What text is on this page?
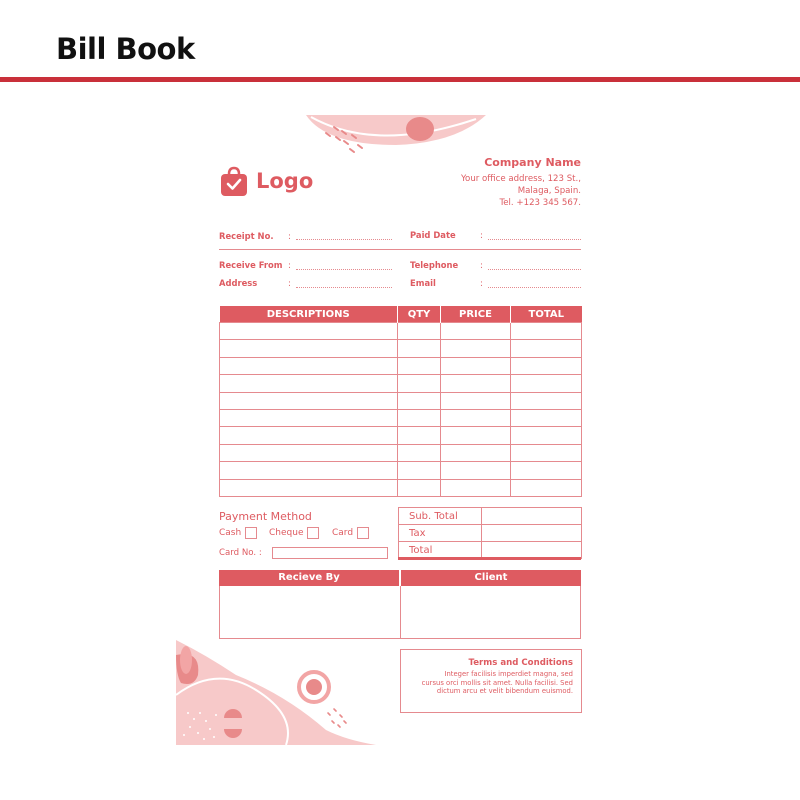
Bill Book
Logo
Company Name
Your office address, 123 St.,
Malaga, Spain.
Tel. +123 345 567.
Receipt No. :	Paid Date	:
Receive From :	Telephone	:
Address	:	Email	:
DESCRIPTIONS	QTY	PRICE	TOTAL

Payment Method
Cash	Cheque	Card
Card No. :
Sub. Total	
Tax	
Total	
Recieve By	Client
Terms and Conditions
Integer facilisis imperdiet magna, sed
cursus orci mollis sit amet. Nulla facilisi. Sed
dictum arcu et velit bibendum euismod.
